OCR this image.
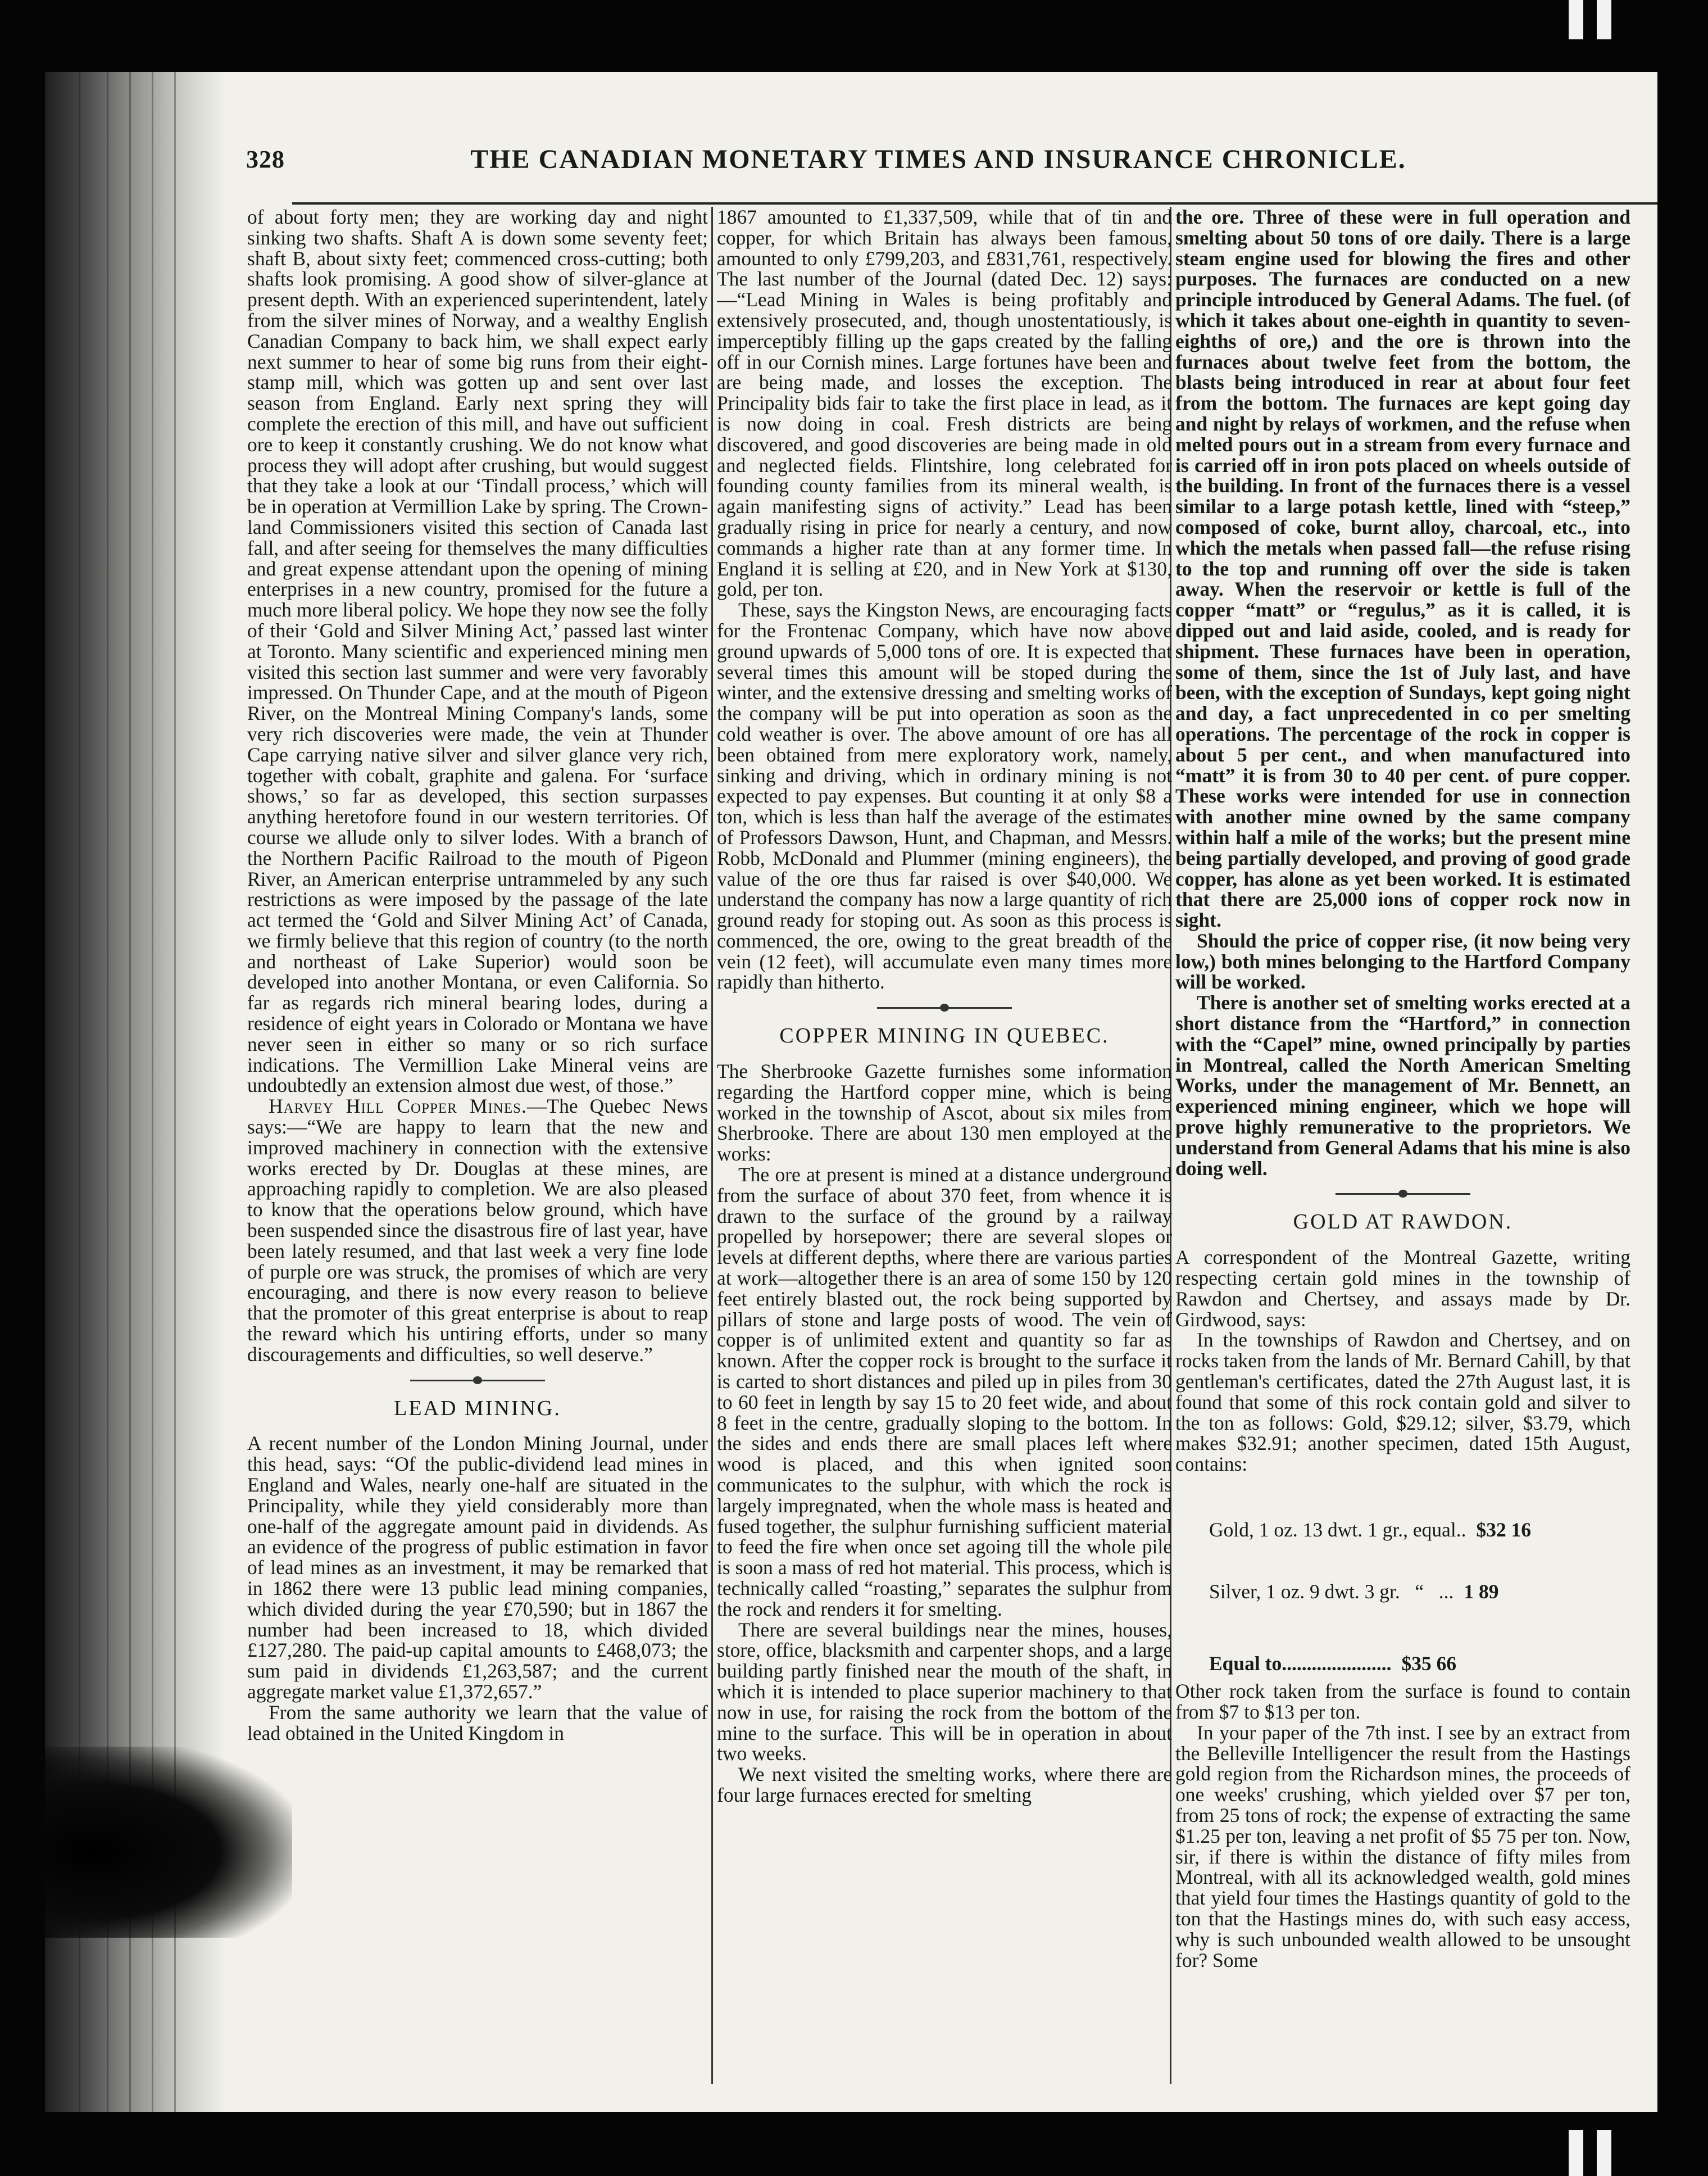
328	THE CANADIAN MONETARY TIMES AND INSURANCE CHRONICLE.

of about forty men; they are working day and night sinking two shafts. Shaft A is down some seventy feet; shaft B, about sixty feet; commenced cross-cutting; both shafts look promising. A good show of silver-glance at present depth. With an experienced superintendent, lately from the silver mines of Norway, and a wealthy English Canadian Company to back him, we shall expect early next summer to hear of some big runs from their eight-stamp mill, which was gotten up and sent over last season from England. Early next spring they will complete the erection of this mill, and have out sufficient ore to keep it constantly crushing. We do not know what process they will adopt after crushing, but would suggest that they take a look at our ‘Tindall process,’ which will be in operation at Vermillion Lake by spring. The Crown-land Commissioners visited this section of Canada last fall, and after seeing for themselves the many difficulties and great expense attendant upon the opening of mining enterprises in a new country, promised for the future a much more liberal policy. We hope they now see the folly of their ‘Gold and Silver Mining Act,’ passed last winter at Toronto. Many scientific and experienced mining men visited this section last summer and were very favorably impressed. On Thunder Cape, and at the mouth of Pigeon River, on the Montreal Mining Company's lands, some very rich discoveries were made, the vein at Thunder Cape carrying native silver and silver glance very rich, together with cobalt, graphite and galena. For ‘surface shows,’ so far as developed, this section surpasses anything heretofore found in our western territories. Of course we allude only to silver lodes. With a branch of the Northern Pacific Railroad to the mouth of Pigeon River, an American enterprise untrammeled by any such restrictions as were imposed by the passage of the late act termed the ‘Gold and Silver Mining Act’ of Canada, we firmly believe that this region of country (to the north and northeast of Lake Superior) would soon be developed into another Montana, or even California. So far as regards rich mineral bearing lodes, during a residence of eight years in Colorado or Montana we have never seen in either so many or so rich surface indications. The Vermillion Lake Mineral veins are undoubtedly an extension almost due west, of those.”

Harvey Hill Copper Mines.—The Quebec News says:—“We are happy to learn that the new and improved machinery in connection with the extensive works erected by Dr. Douglas at these mines, are approaching rapidly to completion. We are also pleased to know that the operations below ground, which have been suspended since the disastrous fire of last year, have been lately resumed, and that last week a very fine lode of purple ore was struck, the promises of which are very encouraging, and there is now every reason to believe that the promoter of this great enterprise is about to reap the reward which his untiring efforts, under so many discouragements and difficulties, so well deserve.”

LEAD MINING.

A recent number of the London Mining Journal, under this head, says: “Of the public-dividend lead mines in England and Wales, nearly one-half are situated in the Principality, while they yield considerably more than one-half of the aggregate amount paid in dividends. As an evidence of the progress of public estimation in favor of lead mines as an investment, it may be remarked that in 1862 there were 13 public lead mining companies, which divided during the year £70,590; but in 1867 the number had been increased to 18, which divided £127,280. The paid-up capital amounts to £468,073; the sum paid in dividends £1,263,587; and the current aggregate market value £1,372,657.”

From the same authority we learn that the value of lead obtained in the United Kingdom in

1867 amounted to £1,337,509, while that of tin and copper, for which Britain has always been famous, amounted to only £799,203, and £831,761, respectively. The last number of the Journal (dated Dec. 12) says:—“Lead Mining in Wales is being profitably and extensively prosecuted, and, though unostentatiously, is imperceptibly filling up the gaps created by the falling off in our Cornish mines. Large fortunes have been and are being made, and losses the exception. The Principality bids fair to take the first place in lead, as it is now doing in coal. Fresh districts are being discovered, and good discoveries are being made in old and neglected fields. Flintshire, long celebrated for founding county families from its mineral wealth, is again manifesting signs of activity.” Lead has been gradually rising in price for nearly a century, and now commands a higher rate than at any former time. In England it is selling at £20, and in New York at $130, gold, per ton.

These, says the Kingston News, are encouraging facts for the Frontenac Company, which have now above ground upwards of 5,000 tons of ore. It is expected that several times this amount will be stoped during the winter, and the extensive dressing and smelting works of the company will be put into operation as soon as the cold weather is over. The above amount of ore has all been obtained from mere exploratory work, namely, sinking and driving, which in ordinary mining is not expected to pay expenses. But counting it at only $8 a ton, which is less than half the average of the estimates of Professors Dawson, Hunt, and Chapman, and Messrs. Robb, McDonald and Plummer (mining engineers), the value of the ore thus far raised is over $40,000. We understand the company has now a large quantity of rich ground ready for stoping out. As soon as this process is commenced, the ore, owing to the great breadth of the vein (12 feet), will accumulate even many times more rapidly than hitherto.

COPPER MINING IN QUEBEC.

The Sherbrooke Gazette furnishes some information regarding the Hartford copper mine, which is being worked in the township of Ascot, about six miles from Sherbrooke. There are about 130 men employed at the works:

The ore at present is mined at a distance underground from the surface of about 370 feet, from whence it is drawn to the surface of the ground by a railway propelled by horsepower; there are several slopes or levels at different depths, where there are various parties at work—altogether there is an area of some 150 by 120 feet entirely blasted out, the rock being supported by pillars of stone and large posts of wood. The vein of copper is of unlimited extent and quantity so far as known. After the copper rock is brought to the surface it is carted to short distances and piled up in piles from 30 to 60 feet in length by say 15 to 20 feet wide, and about 8 feet in the centre, gradually sloping to the bottom. In the sides and ends there are small places left where wood is placed, and this when ignited soon communicates to the sulphur, with which the rock is largely impregnated, when the whole mass is heated and fused together, the sulphur furnishing sufficient material to feed the fire when once set agoing till the whole pile is soon a mass of red hot material. This process, which is technically called “roasting,” separates the sulphur from the rock and renders it for smelting.

There are several buildings near the mines, houses, store, office, blacksmith and carpenter shops, and a large building partly finished near the mouth of the shaft, in which it is intended to place superior machinery to that now in use, for raising the rock from the bottom of the mine to the surface. This will be in operation in about two weeks.

We next visited the smelting works, where there are four large furnaces erected for smelting

the ore. Three of these were in full operation and smelting about 50 tons of ore daily. There is a large steam engine used for blowing the fires and other purposes. The furnaces are conducted on a new principle introduced by General Adams. The fuel. (of which it takes about one-eighth in quantity to seven-eighths of ore,) and the ore is thrown into the furnaces about twelve feet from the bottom, the blasts being introduced in rear at about four feet from the bottom. The furnaces are kept going day and night by relays of workmen, and the refuse when melted pours out in a stream from every furnace and is carried off in iron pots placed on wheels outside of the building. In front of the furnaces there is a vessel similar to a large potash kettle, lined with “steep,” composed of coke, burnt alloy, charcoal, etc., into which the metals when passed fall—the refuse rising to the top and running off over the side is taken away. When the reservoir or kettle is full of the copper “matt” or “regulus,” as it is called, it is dipped out and laid aside, cooled, and is ready for shipment. These furnaces have been in operation, some of them, since the 1st of July last, and have been, with the exception of Sundays, kept going night and day, a fact unprecedented in co per smelting operations. The percentage of the rock in copper is about 5 per cent., and when manufactured into “matt” it is from 30 to 40 per cent. of pure copper. These works were intended for use in connection with another mine owned by the same company within half a mile of the works; but the present mine being partially developed, and proving of good grade copper, has alone as yet been worked. It is estimated that there are 25,000 ions of copper rock now in sight.

Should the price of copper rise, (it now being very low,) both mines belonging to the Hartford Company will be worked.

There is another set of smelting works erected at a short distance from the “Hartford,” in connection with the “Capel” mine, owned principally by parties in Montreal, called the North American Smelting Works, under the management of Mr. Bennett, an experienced mining engineer, which we hope will prove highly remunerative to the proprietors. We understand from General Adams that his mine is also doing well.

GOLD AT RAWDON.

A correspondent of the Montreal Gazette, writing respecting certain gold mines in the township of Rawdon and Chertsey, and assays made by Dr. Girdwood, says:

In the townships of Rawdon and Chertsey, and on rocks taken from the lands of Mr. Bernard Cahill, by that gentleman's certificates, dated the 27th August last, it is found that some of this rock contain gold and silver to the ton as follows: Gold, $29.12; silver, $3.79, which makes $32.91; another specimen, dated 15th August, contains:

Gold, 1 oz. 13 dwt. 1 gr., equal.. $32 16

Silver, 1 oz. 9 dwt. 3 gr.   “   ... 1 89

Equal to...................... $35 66

Other rock taken from the surface is found to contain from $7 to $13 per ton.

In your paper of the 7th inst. I see by an extract from the Belleville Intelligencer the result from the Hastings gold region from the Richardson mines, the proceeds of one weeks' crushing, which yielded over $7 per ton, from 25 tons of rock; the expense of extracting the same $1.25 per ton, leaving a net profit of $5 75 per ton. Now, sir, if there is within the distance of fifty miles from Montreal, with all its acknowledged wealth, gold mines that yield four times the Hastings quantity of gold to the ton that the Hastings mines do, with such easy access, why is such unbounded wealth allowed to be unsought for? Some
